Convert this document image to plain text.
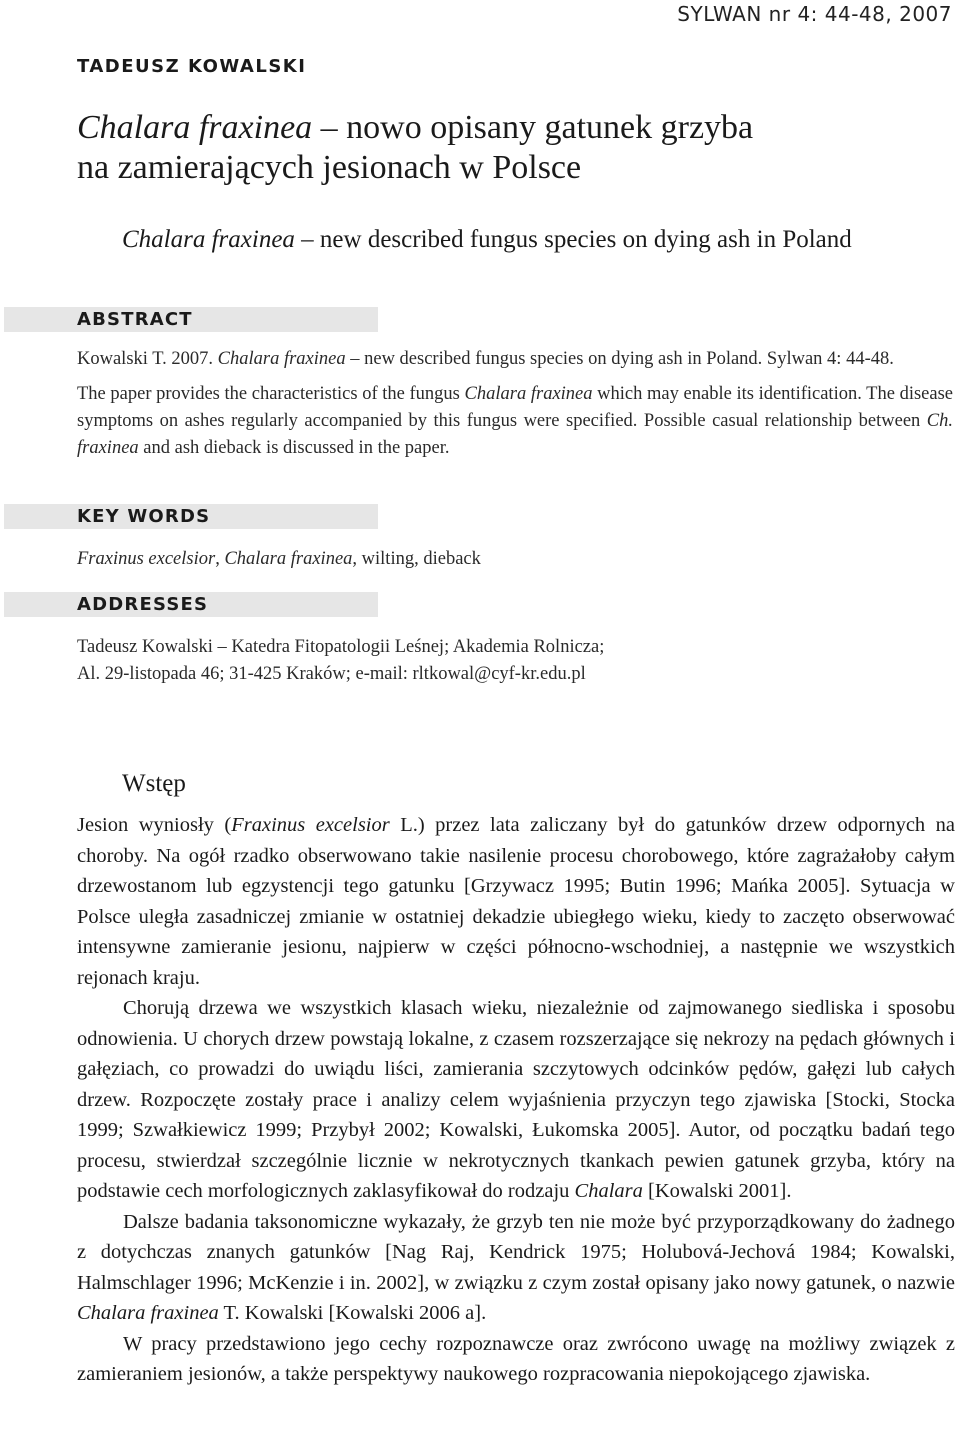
SYLWAN nr 4: 44-48, 2007
TADEUSZ KOWALSKI
Chalara fraxinea – nowo opisany gatunek grzyba
na zamierających jesionach w Polsce
Chalara fraxinea – new described fungus species on dying ash in Poland
ABSTRACT

Kowalski T. 2007. Chalara fraxinea – new described fungus species on dying ash in Poland. Sylwan 4: 44-48.

The paper provides the characteristics of the fungus Chalara fraxinea which may enable its identification. The disease symptoms on ashes regularly accompanied by this fungus were specified. Possible casual relationship between Ch. fraxinea and ash dieback is discussed in the paper.

KEY WORDS
Fraxinus excelsior, Chalara fraxinea, wilting, dieback
ADDRESSES
Tadeusz Kowalski – Katedra Fitopatologii Leśnej; Akademia Rolnicza;
Al. 29-listopada 46; 31-425 Kraków; e-mail: rltkowal@cyf-kr.edu.pl
Wstęp

Jesion wyniosły (Fraxinus excelsior L.) przez lata zaliczany był do gatunków drzew odpornych na choroby. Na ogół rzadko obserwowano takie nasilenie procesu chorobowego, które zagrażałoby całym drzewostanom lub egzystencji tego gatunku [Grzywacz 1995; Butin 1996; Mańka 2005]. Sytuacja w Polsce uległa zasadniczej zmianie w ostatniej dekadzie ubiegłego wieku, kiedy to zaczęto obserwować intensywne zamieranie jesionu, najpierw w części północno-wschodniej, a następnie we wszystkich rejonach kraju.

Chorują drzewa we wszystkich klasach wieku, niezależnie od zajmowanego siedliska i sposobu odnowienia. U chorych drzew powstają lokalne, z czasem rozszerzające się nekrozy na pędach głównych i gałęziach, co prowadzi do uwiądu liści, zamierania szczytowych odcinków pędów, gałęzi lub całych drzew. Rozpoczęte zostały prace i analizy celem wyjaśnienia przyczyn tego zjawiska [Stocki, Stocka 1999; Szwałkiewicz 1999; Przybył 2002; Kowalski, Łukomska 2005]. Autor, od początku badań tego procesu, stwierdzał szczególnie licznie w nekrotycznych tkankach pewien gatunek grzyba, który na podstawie cech morfologicznych zaklasyfikował do rodzaju Chalara [Kowalski 2001].

Dalsze badania taksonomiczne wykazały, że grzyb ten nie może być przyporządkowany do żadnego z dotychczas znanych gatunków [Nag Raj, Kendrick 1975; Holubová-Jechová 1984; Kowalski, Halmschlager 1996; McKenzie i in. 2002], w związku z czym został opisany jako nowy gatunek, o nazwie Chalara fraxinea T. Kowalski [Kowalski 2006 a].

W pracy przedstawiono jego cechy rozpoznawcze oraz zwrócono uwagę na możliwy związek z zamieraniem jesionów, a także perspektywy naukowego rozpracowania niepokojącego zjawiska.
